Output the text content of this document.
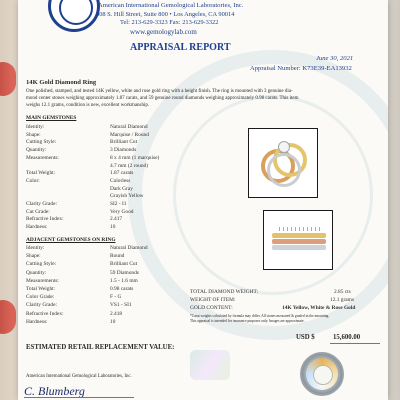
American International Gemological Laboratories, Inc.
608 S. Hill Street, Suite 800 • Los Angeles, CA 90014
Tel: 213-629-3323 Fax: 213-629-3322
www.gemologylab.com
APPRAISAL REPORT
June 30, 2021
Appraisal Number: K73E39-EA13932
14K Gold Diamond Ring
One polished, stamped, and tested 14K yellow, white and rose gold ring with a height finish. The ring is mounted with 3 genuine dia-
mond center stones weighing approximately 1.87 carats, and 59 genuine round diamonds weighing approximately 0.98 carats. This item
weighs 12.1 grams, condition is new, excellent workmanship.
MAIN GEMSTONES
Identity:	Natural Diamond
Shape:	Marquise / Round
Cutting Style:	Brilliant Cut
Quantity:	3 Diamonds
Measurements:	8 x 4 mm (1 marquise)
4.7 mm (2 round)
Total Weight:	1.87 carats
Color:	Colorless
Dark Gray
Grayish Yellow
Clarity Grade:	SI2 - I1
Cut Grade:	Very Good
Refractive Index:	2.417
Hardness:	10
ADJACENT GEMSTONES ON RING
Identity:	Natural Diamond
Shape:	Round
Cutting Style:	Brilliant Cut
Quantity:	59 Diamonds
Measurements:	1.5 - 1.6 mm
Total Weight:	0.98 carats
Color Grade:	F - G
Clarity Grade:	VS1 - SI1
Refractive Index:	2.418
Hardness:	10
TOTAL DIAMOND WEIGHT:	2.85 cts
WEIGHT OF ITEM:	12.1 grams
GOLD CONTENT:	14K Yellow, White & Rose Gold
*Carat weights calculated by formula may differ. All stones measured & graded in the mounting.
This appraisal is intended for insurance purposes only. Images are approximate.
ESTIMATED RETAIL REPLACEMENT VALUE:
USD $	15,600.00
American International Gemological Laboratories, Inc.
C. Blumberg
